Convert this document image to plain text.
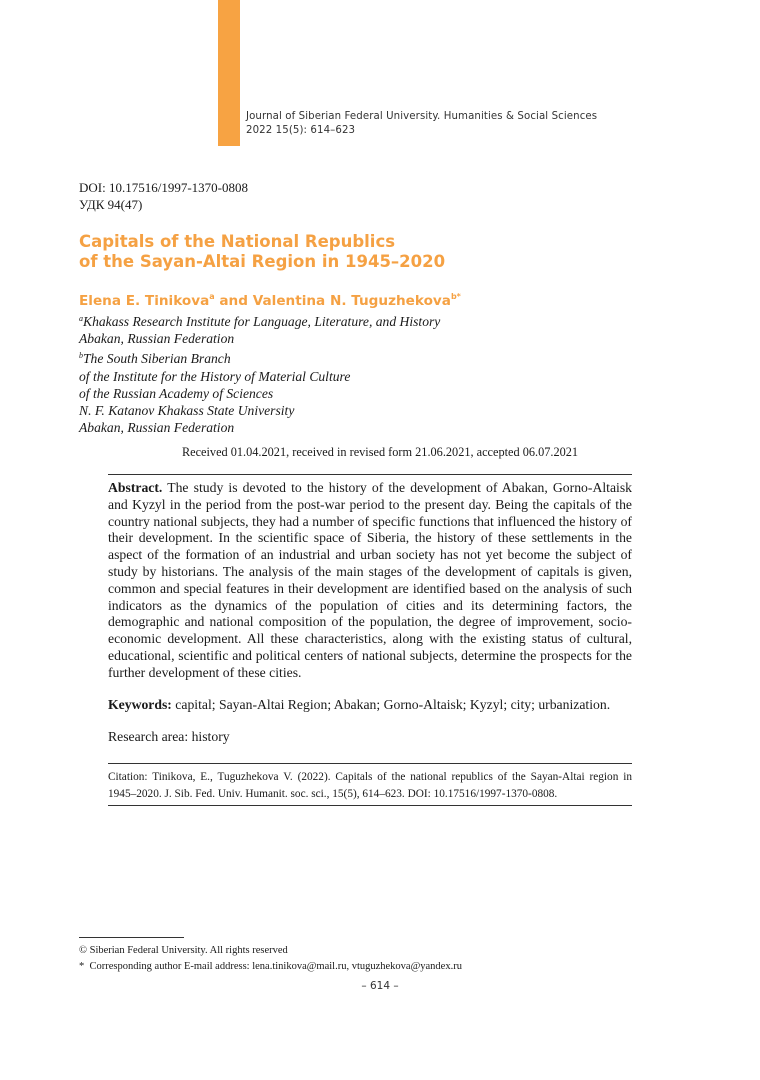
Journal of Siberian Federal University. Humanities & Social Sciences
2022 15(5): 614–623
DOI: 10.17516/1997-1370-0808
УДК 94(47)
Capitals of the National Republics
of the Sayan-Altai Region in 1945–2020
Elena E. Tinikova$^a$ and Valentina N. Tuguzhekova$^{b*}$
$^a$Khakass Research Institute for Language, Literature, and History
Abakan, Russian Federation
$^b$The South Siberian Branch
of the Institute for the History of Material Culture
of the Russian Academy of Sciences
N. F. Katanov Khakass State University
Abakan, Russian Federation
Received 01.04.2021, received in revised form 21.06.2021, accepted 06.07.2021
Abstract. The study is devoted to the history of the development of Abakan, Gorno-Altaisk and Kyzyl in the period from the post-war period to the present day. Being the capitals of the country national subjects, they had a number of specific functions that influenced the history of their development. In the scientific space of Siberia, the history of these settlements in the aspect of the formation of an industrial and urban society has not yet become the subject of study by historians. The analysis of the main stages of the development of capitals is given, common and special features in their development are identified based on the analysis of such indicators as the dynamics of the population of cities and its determining factors, the demographic and national composition of the population, the degree of improvement, socio-economic development. All these characteristics, along with the existing status of cultural, educational, scientific and political centers of national subjects, determine the prospects for the further development of these cities.
Keywords: capital; Sayan-Altai Region; Abakan; Gorno-Altaisk; Kyzyl; city; urbanization.
Research area: history
Citation: Tinikova, E., Tuguzhekova V. (2022). Capitals of the national republics of the Sayan-Altai region in 1945–2020. J. Sib. Fed. Univ. Humanit. soc. sci., 15(5), 614–623. DOI: 10.17516/1997-1370-0808.
© Siberian Federal University. All rights reserved
*  Corresponding author E-mail address: lena.tinikova@mail.ru, vtuguzhekova@yandex.ru
– 614 –
